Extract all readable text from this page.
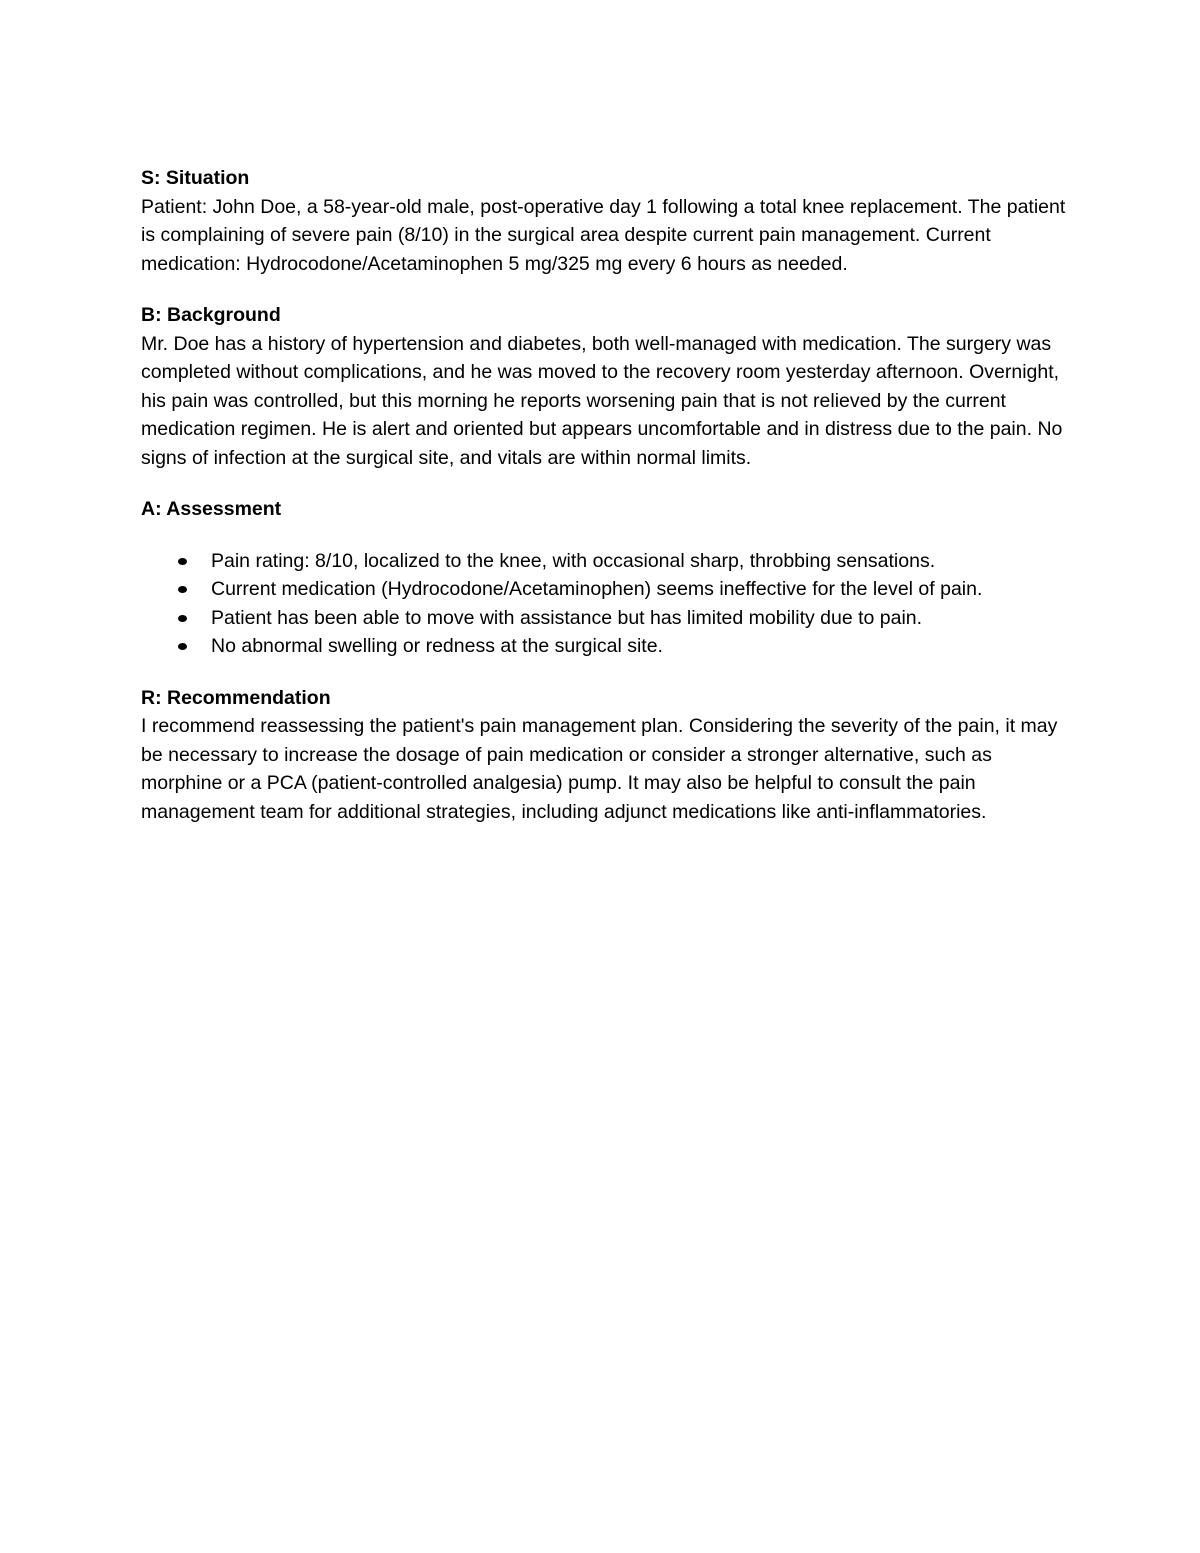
S: Situation

Patient: John Doe, a 58-year-old male, post-operative day 1 following a total knee replacement. The patient is complaining of severe pain (8/10) in the surgical area despite current pain management. Current medication: Hydrocodone/Acetaminophen 5 mg/325 mg every 6 hours as needed.

B: Background

Mr. Doe has a history of hypertension and diabetes, both well-managed with medication. The surgery was completed without complications, and he was moved to the recovery room yesterday afternoon. Overnight, his pain was controlled, but this morning he reports worsening pain that is not relieved by the current medication regimen. He is alert and oriented but appears uncomfortable and in distress due to the pain. No signs of infection at the surgical site, and vitals are within normal limits.

A: Assessment

Pain rating: 8/10, localized to the knee, with occasional sharp, throbbing sensations.
Current medication (Hydrocodone/Acetaminophen) seems ineffective for the level of pain.
Patient has been able to move with assistance but has limited mobility due to pain.
No abnormal swelling or redness at the surgical site.

R: Recommendation

I recommend reassessing the patient's pain management plan. Considering the severity of the pain, it may be necessary to increase the dosage of pain medication or consider a stronger alternative, such as morphine or a PCA (patient-controlled analgesia) pump. It may also be helpful to consult the pain management team for additional strategies, including adjunct medications like anti-inflammatories.
